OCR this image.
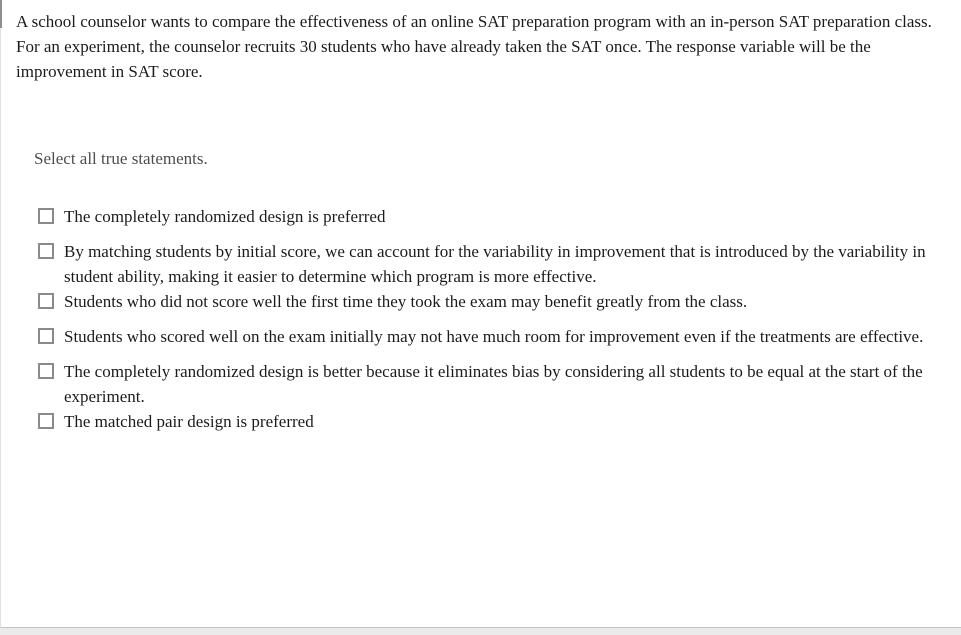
A school counselor wants to compare the effectiveness of an online SAT preparation program with an in-person SAT preparation class. For an experiment, the counselor recruits 30 students who have already taken the SAT once. The response variable will be the improvement in SAT score.

Select all true statements.

The completely randomized design is preferred
By matching students by initial score, we can account for the variability in improvement that is introduced by the variability in student ability, making it easier to determine which program is more effective.
Students who did not score well the first time they took the exam may benefit greatly from the class.
Students who scored well on the exam initially may not have much room for improvement even if the treatments are effective.
The completely randomized design is better because it eliminates bias by considering all students to be equal at the start of the experiment.
The matched pair design is preferred
